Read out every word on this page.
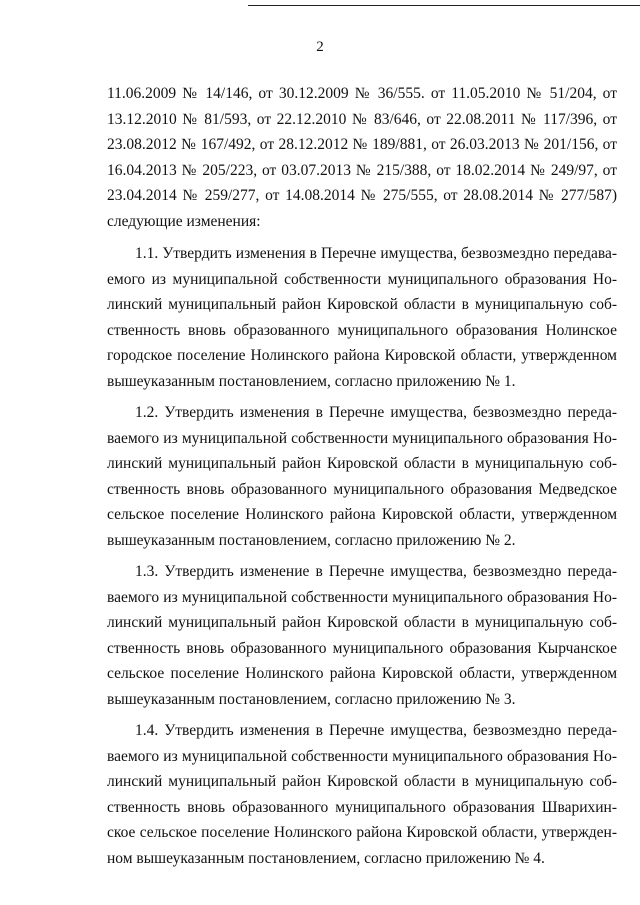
2
11.06.2009 № 14/146, от 30.12.2009 № 36/555. от 11.05.2010 № 51/204, от
13.12.2010 № 81/593, от 22.12.2010 № 83/646, от 22.08.2011 № 117/396, от
23.08.2012 № 167/492, от 28.12.2012 № 189/881, от 26.03.2013 № 201/156, от
16.04.2013 № 205/223, от 03.07.2013 № 215/388, от 18.02.2014 № 249/97, от
23.04.2014 № 259/277, от 14.08.2014 № 275/555, от 28.08.2014 № 277/587)
следующие изменения:
1.1. Утвердить изменения в Перечне имущества, безвозмездно передава-
емого из муниципальной собственности муниципального образования Но-
линский муниципальный район Кировской области в муниципальную соб-
ственность вновь образованного муниципального образования Нолинское
городское поселение Нолинского района Кировской области, утвержденном
вышеуказанным постановлением, согласно приложению № 1.
1.2. Утвердить изменения в Перечне имущества, безвозмездно переда-
ваемого из муниципальной собственности муниципального образования Но-
линский муниципальный район Кировской области в муниципальную соб-
ственность вновь образованного муниципального образования Медведское
сельское поселение Нолинского района Кировской области, утвержденном
вышеуказанным постановлением, согласно приложению № 2.
1.3. Утвердить изменение в Перечне имущества, безвозмездно переда-
ваемого из муниципальной собственности муниципального образования Но-
линский муниципальный район Кировской области в муниципальную соб-
ственность вновь образованного муниципального образования Кырчанское
сельское поселение Нолинского района Кировской области, утвержденном
вышеуказанным постановлением, согласно приложению № 3.
1.4. Утвердить изменения в Перечне имущества, безвозмездно переда-
ваемого из муниципальной собственности муниципального образования Но-
линский муниципальный район Кировской области в муниципальную соб-
ственность вновь образованного муниципального образования Шварихин-
ское сельское поселение Нолинского района Кировской области, утвержден-
ном вышеуказанным постановлением, согласно приложению № 4.
